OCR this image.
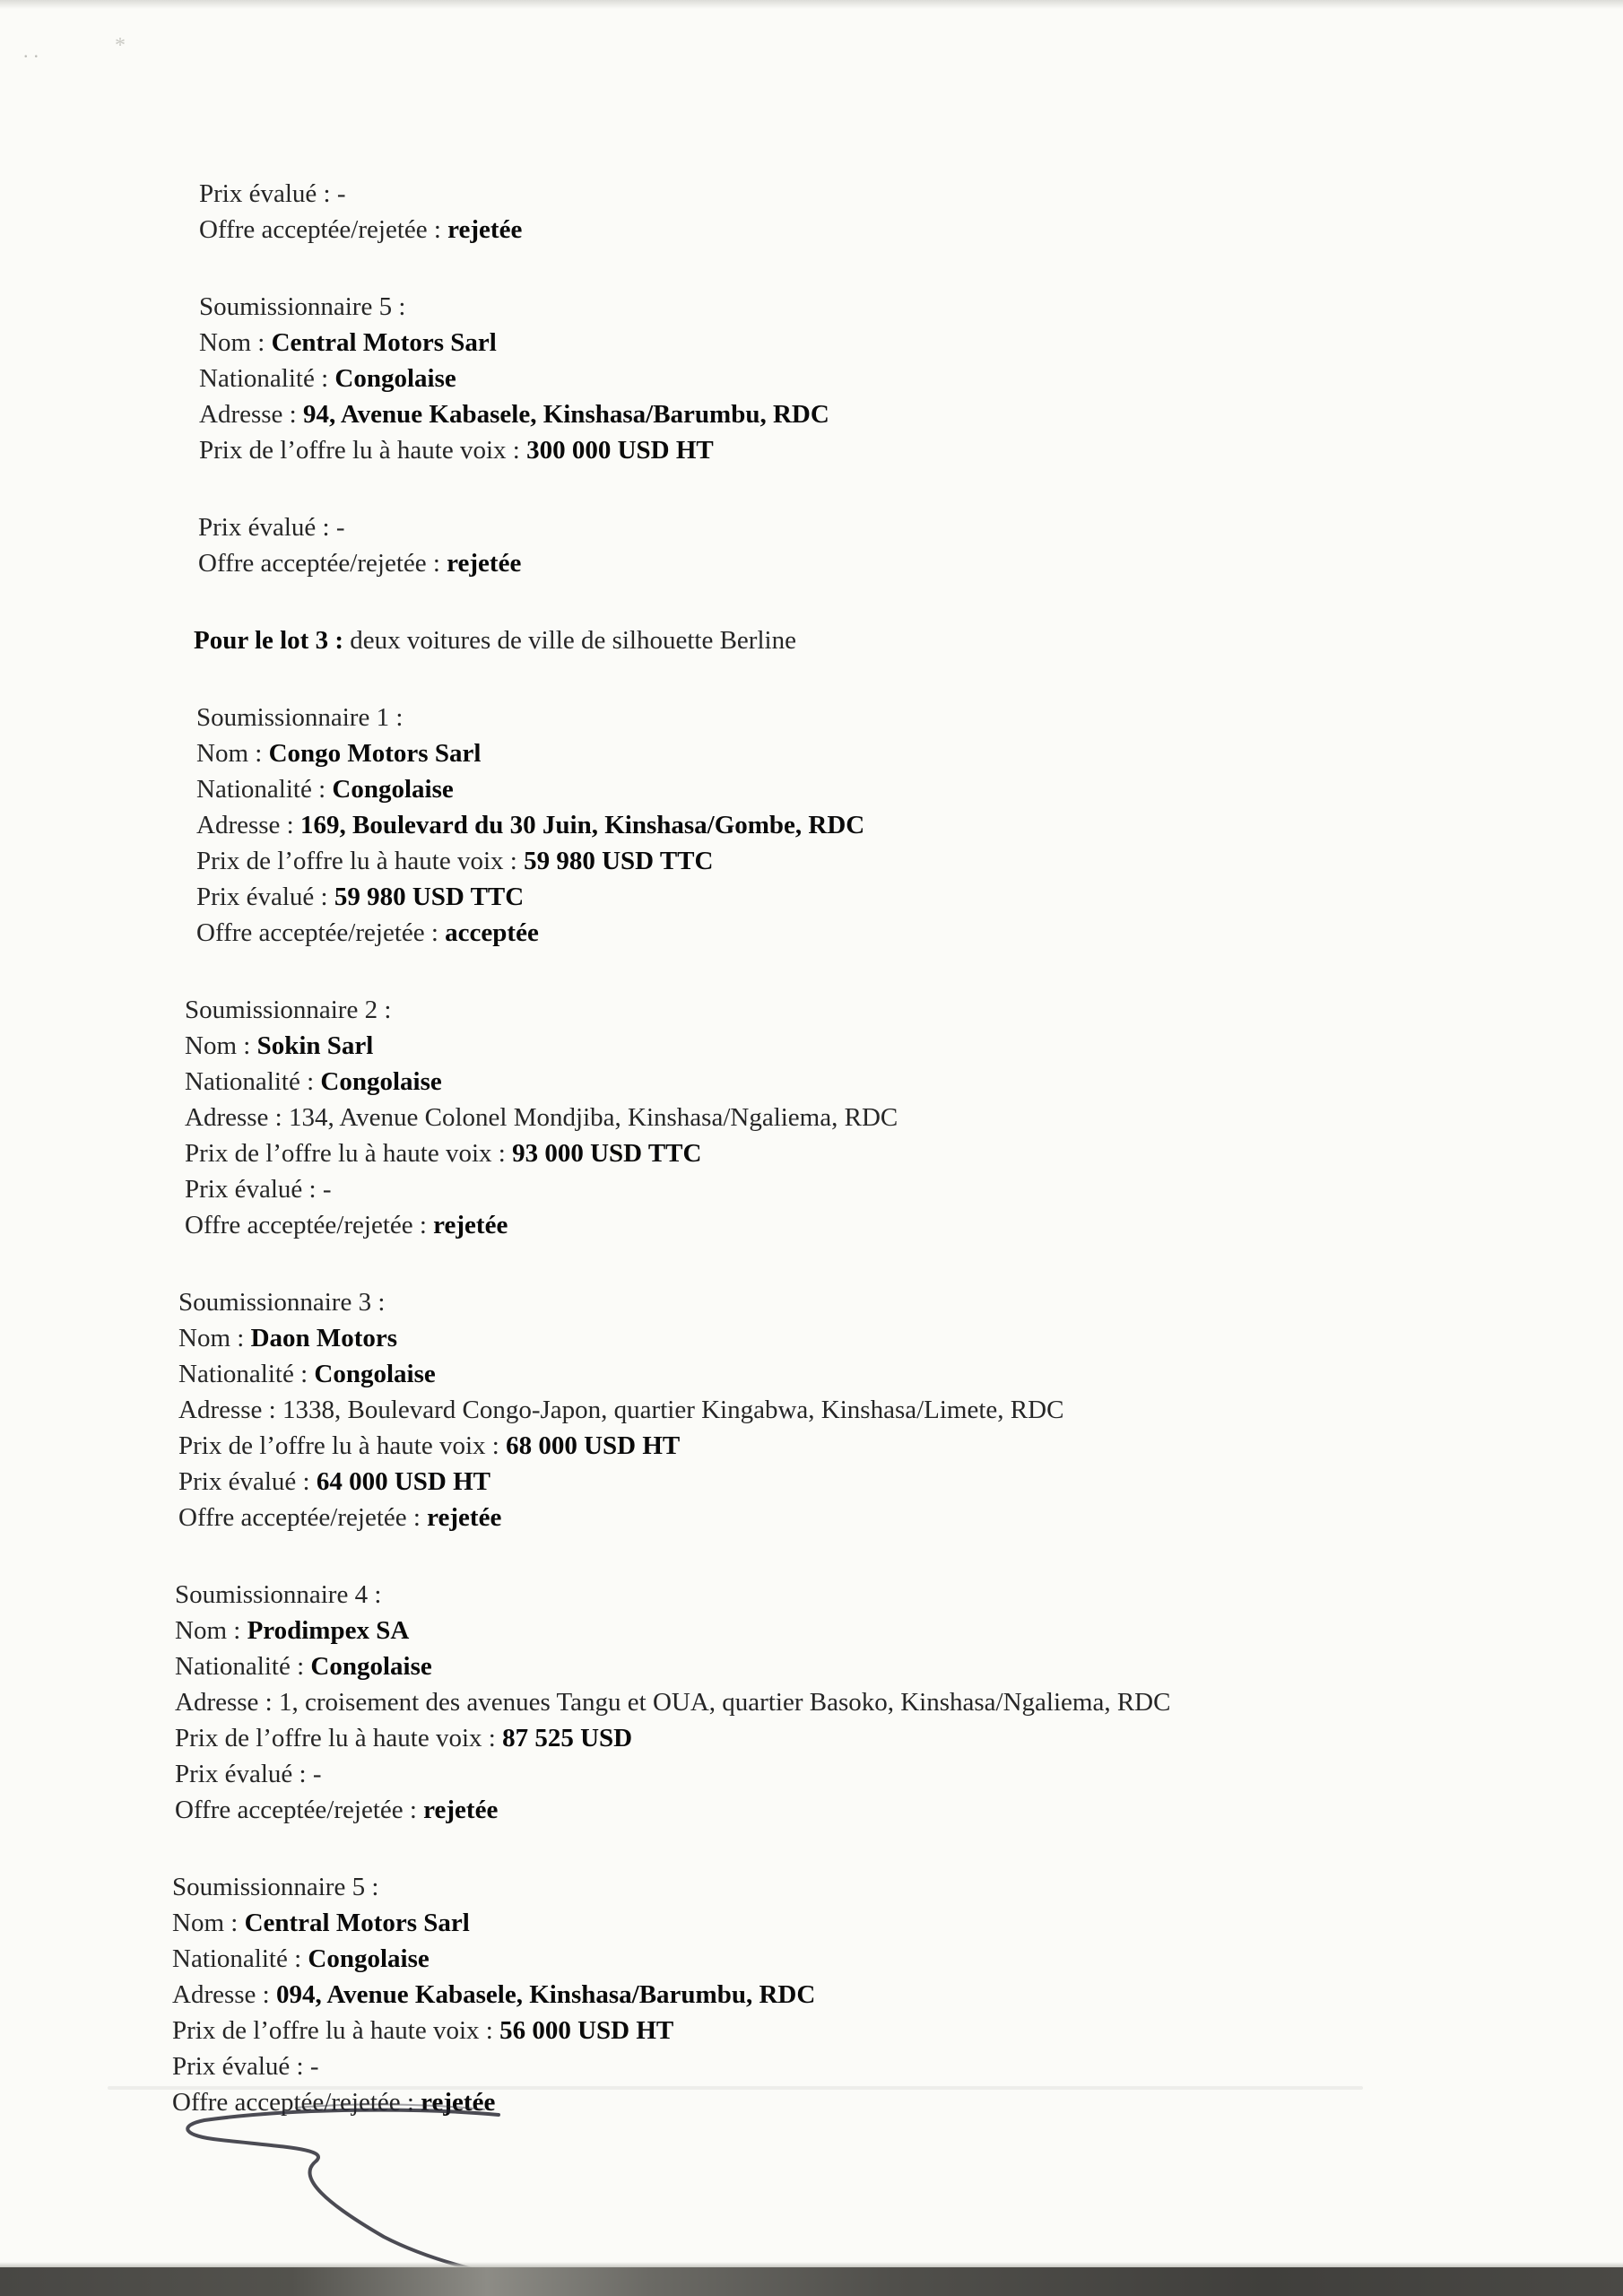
..	*
Prix évalué : -
Offre acceptée/rejetée : rejetée
Soumissionnaire 5 :
Nom : Central Motors Sarl
Nationalité : Congolaise
Adresse : 94, Avenue Kabasele, Kinshasa/Barumbu, RDC
Prix de l’offre lu à haute voix : 300 000 USD HT
Prix évalué : -
Offre acceptée/rejetée : rejetée
Pour le lot 3 : deux voitures de ville de silhouette Berline
Soumissionnaire 1 :
Nom : Congo Motors Sarl
Nationalité : Congolaise
Adresse : 169, Boulevard du 30 Juin, Kinshasa/Gombe, RDC
Prix de l’offre lu à haute voix : 59 980 USD TTC
Prix évalué : 59 980 USD TTC
Offre acceptée/rejetée : acceptée
Soumissionnaire 2 :
Nom : Sokin Sarl
Nationalité : Congolaise
Adresse : 134, Avenue Colonel Mondjiba, Kinshasa/Ngaliema, RDC
Prix de l’offre lu à haute voix : 93 000 USD TTC
Prix évalué : -
Offre acceptée/rejetée : rejetée
Soumissionnaire 3 :
Nom : Daon Motors
Nationalité : Congolaise
Adresse : 1338, Boulevard Congo-Japon, quartier Kingabwa, Kinshasa/Limete, RDC
Prix de l’offre lu à haute voix : 68 000 USD HT
Prix évalué : 64 000 USD HT
Offre acceptée/rejetée : rejetée
Soumissionnaire 4 :
Nom : Prodimpex SA
Nationalité : Congolaise
Adresse : 1, croisement des avenues Tangu et OUA, quartier Basoko, Kinshasa/Ngaliema, RDC
Prix de l’offre lu à haute voix : 87 525 USD
Prix évalué : -
Offre acceptée/rejetée : rejetée
Soumissionnaire 5 :
Nom : Central Motors Sarl
Nationalité : Congolaise
Adresse : 094, Avenue Kabasele, Kinshasa/Barumbu, RDC
Prix de l’offre lu à haute voix : 56 000 USD HT
Prix évalué : -
Offre acceptée/rejetée : rejetée
